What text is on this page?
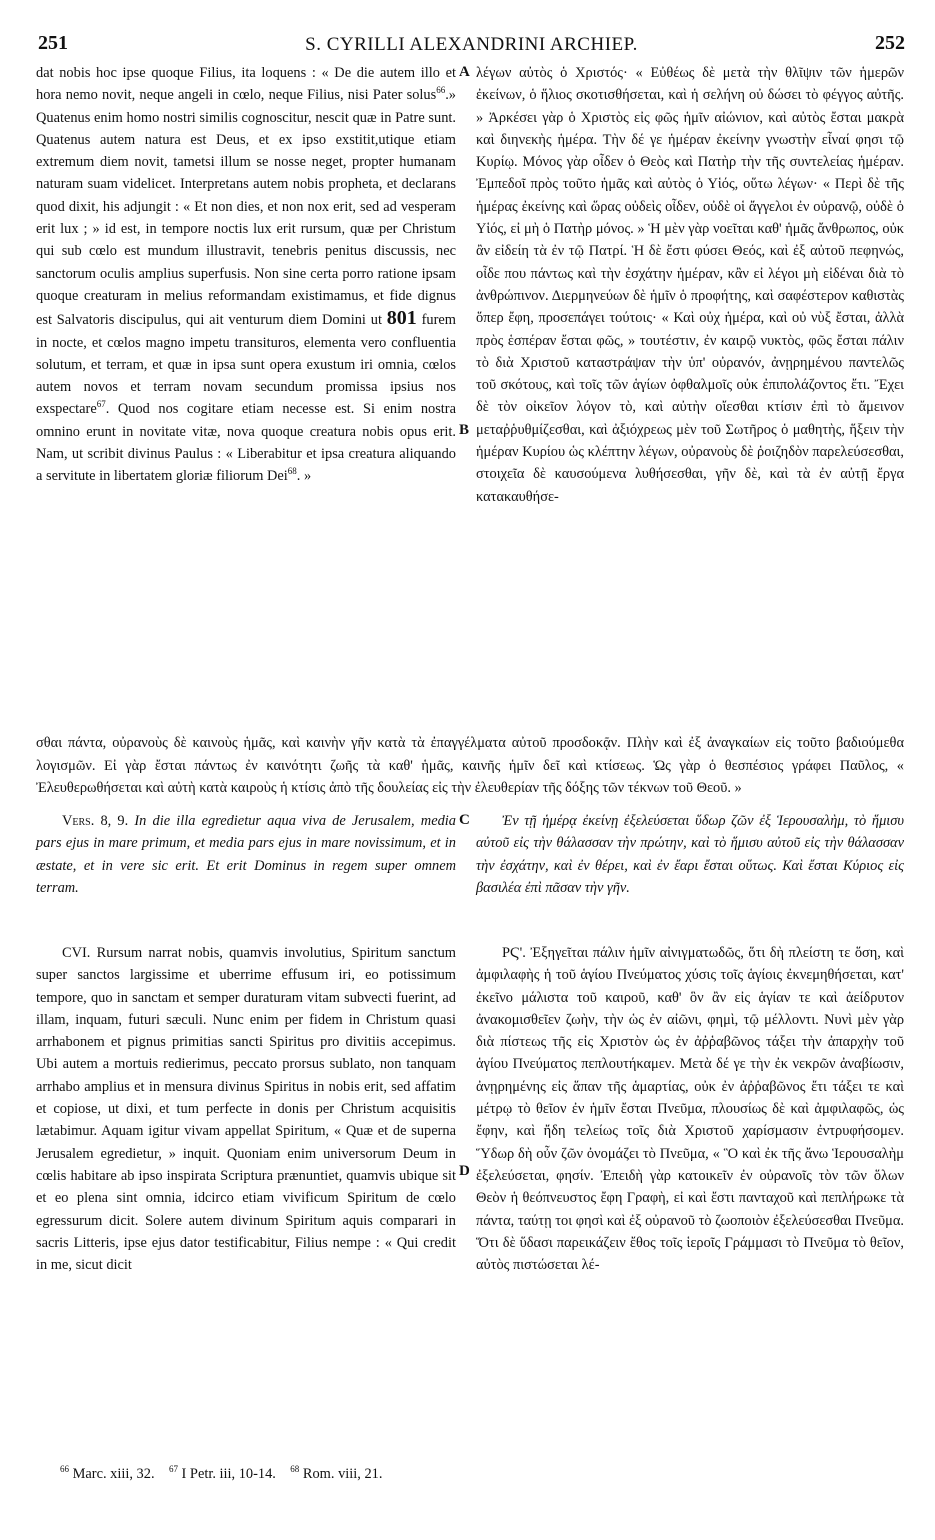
251	S. CYRILLI ALEXANDRINI ARCHIEP.	252

dat nobis hoc ipse quoque Filius, ita loquens : « De die autem illo et hora nemo novit, neque angeli in cœlo, neque Filius, nisi Pater solus$^{66}$.» Quatenus enim homo nostri similis cognoscitur, nescit quæ in Patre sunt. Quatenus autem natura est Deus, et ex ipso exstitit,utique etiam extremum diem novit, tametsi illum se nosse neget, propter humanam naturam suam videlicet. Interpretans autem nobis propheta, et declarans quod dixit, his adjungit : « Et non dies, et non nox erit, sed ad vesperam erit lux ; » id est, in tempore noctis lux erit rursum, quæ per Christum qui sub cœlo est mundum illustravit, tenebris penitus discussis, nec sanctorum oculis amplius superfusis. Non sine certa porro ratione ipsam quoque creaturam in melius reformandam existimamus, et fide dignus est Salvatoris discipulus, qui ait venturum diem Domini ut 801 furem in nocte, et cœlos magno impetu transituros, elementa vero confluentia solutum, et terram, et quæ in ipsa sunt opera exustum iri omnia, cœlos autem novos et terram novam secundum promissa ipsius nos exspectare$^{67}$. Quod nos cogitare etiam necesse est. Si enim nostra omnino erunt in novitate vitæ, nova quoque creatura nobis opus erit. Nam, ut scribit divinus Paulus : « Liberabitur et ipsa creatura aliquando a servitute in libertatem gloriæ filiorum Dei$^{68}$. »

λέγων αὐτὸς ὁ Χριστός· « Εὐθέως δὲ μετὰ τὴν θλῖψιν τῶν ἡμερῶν ἐκείνων, ὁ ἥλιος σκοτισθήσεται, καὶ ἡ σελήνη οὐ δώσει τὸ φέγγος αὐτῆς. » Ἀρκέσει γὰρ ὁ Χριστὸς εἰς φῶς ἡμῖν αἰώνιον, καὶ αὐτὸς ἔσται μακρὰ καὶ διηνεκὴς ἡμέρα. Τὴν δέ γε ἡμέραν ἐκείνην γνωστὴν εἶναί φησι τῷ Κυρίῳ. Μόνος γὰρ οἶδεν ὁ Θεὸς καὶ Πατὴρ τὴν τῆς συντελείας ἡμέραν. Ἐμπεδοῖ πρὸς τοῦτο ἡμᾶς καὶ αὐτὸς ὁ Υἱός, οὕτω λέγων· « Περὶ δὲ τῆς ἡμέρας ἐκείνης καὶ ὥρας οὐδεὶς οἶδεν, οὐδὲ οἱ ἄγγελοι ἐν οὐρανῷ, οὐδὲ ὁ Υἱός, εἰ μὴ ὁ Πατὴρ μόνος. » Ἡ μὲν γὰρ νοεῖται καθ' ἡμᾶς ἄνθρωπος, οὐκ ἂν εἰδείη τὰ ἐν τῷ Πατρί. Ἡ δὲ ἔστι φύσει Θεός, καὶ ἐξ αὐτοῦ πεφηνώς, οἶδε που πάντως καὶ τὴν ἐσχάτην ἡμέραν, κἂν εἰ λέγοι μὴ εἰδέναι διὰ τὸ ἀνθρώπινον. Διερμηνεύων δὲ ἡμῖν ὁ προφήτης, καὶ σαφέστερον καθιστὰς ὅπερ ἔφη, προσεπάγει τούτοις· « Καὶ οὐχ ἡμέρα, καὶ οὐ νὺξ ἔσται, ἀλλὰ πρὸς ἑσπέραν ἔσται φῶς, » τουτέστιν, ἐν καιρῷ νυκτὸς, φῶς ἔσται πάλιν τὸ διὰ Χριστοῦ καταστράψαν τὴν ὑπ' οὐρανόν, ἀνῃρημένου παντελῶς τοῦ σκότους, καὶ τοῖς τῶν ἁγίων ὀφθαλμοῖς οὐκ ἐπιπολάζοντος ἔτι. Ἔχει δὲ τὸν οἰκεῖον λόγον τὸ, καὶ αὐτὴν οἴεσθαι κτίσιν ἐπὶ τὸ ἄμεινον μεταῤῥυθμίζεσθαι, καὶ ἀξιόχρεως μὲν τοῦ Σωτῆρος ὁ μαθητὴς, ἥξειν τὴν ἡμέραν Κυρίου ὡς κλέπτην λέγων, οὐρανοὺς δὲ ῥοιζηδὸν παρελεύσεσθαι, στοιχεῖα δὲ καυσούμενα λυθήσεσθαι, γῆν δὲ, καὶ τὰ ἐν αὐτῇ ἔργα κατακαυθήσε-

A
B

σθαι πάντα, οὐρανοὺς δὲ καινοὺς ἡμᾶς, καὶ καινὴν γῆν κατὰ τὰ ἐπαγγέλματα αὐτοῦ προσδοκᾷν. Πλὴν καὶ ἐξ ἀναγκαίων εἰς τοῦτο βαδιούμεθα λογισμῶν. Εἰ γὰρ ἔσται πάντως ἐν καινότητι ζωῆς τὰ καθ' ἡμᾶς, καινῆς ἡμῖν δεῖ καὶ κτίσεως. Ὡς γὰρ ὁ θεσπέσιος γράφει Παῦλος, « Ἐλευθερωθήσεται καὶ αὐτὴ κατὰ καιροὺς ἡ κτίσις ἀπὸ τῆς δουλείας εἰς τὴν ἐλευθερίαν τῆς δόξης τῶν τέκνων τοῦ Θεοῦ. »

Vers. 8, 9. In die illa egredietur aqua viva de Jerusalem, media pars ejus in mare primum, et media pars ejus in mare novissimum, et in æstate, et in vere sic erit. Et erit Dominus in regem super omnem terram.

C	Ἐν τῇ ἡμέρᾳ ἐκείνῃ ἐξελεύσεται ὕδωρ ζῶν ἐξ Ἱερουσαλὴμ, τὸ ἥμισυ αὐτοῦ εἰς τὴν θάλασσαν τὴν πρώτην, καὶ τὸ ἥμισυ αὐτοῦ εἰς τὴν θάλασσαν τὴν ἐσχάτην, καὶ ἐν θέρει, καὶ ἐν ἔαρι ἔσται οὕτως. Καὶ ἔσται Κύριος εἰς βασιλέα ἐπὶ πᾶσαν τὴν γῆν.

CVI. Rursum narrat nobis, quamvis involutius, Spiritum sanctum super sanctos largissime et uberrime effusum iri, eo potissimum tempore, quo in sanctam et semper duraturam vitam subvecti fuerint, ad illam, inquam, futuri sæculi. Nunc enim per fidem in Christum quasi arrhabonem et pignus primitias sancti Spiritus pro divitiis accepimus. Ubi autem a mortuis redierimus, peccato prorsus sublato, non tanquam arrhabo amplius et in mensura divinus Spiritus in nobis erit, sed affatim et copiose, ut dixi, et tum perfecte in donis per Christum acquisitis lætabimur. Aquam igitur vivam appellat Spiritum, « Quæ et de superna Jerusalem egredietur, » inquit. Quoniam enim universorum Deum in cœlis habitare ab ipso inspirata Scriptura prænuntiet, quamvis ubique sit et eo plena sint omnia, idcirco etiam vivificum Spiritum de cœlo egressurum dicit. Solere autem divinum Spiritum aquis comparari in sacris Litteris, ipse ejus dator testificabitur, Filius nempe : « Qui credit in me, sicut dicit

D

ΡϚ'. Ἐξηγεῖται πάλιν ἡμῖν αἰνιγματωδῶς, ὅτι δὴ πλείστη τε ὅση, καὶ ἀμφιλαφὴς ἡ τοῦ ἁγίου Πνεύματος χύσις τοῖς ἁγίοις ἐκνεμηθήσεται, κατ' ἐκεῖνο μάλιστα τοῦ καιροῦ, καθ' ὃν ἂν εἰς ἁγίαν τε καὶ ἀείδρυτον ἀνακομισθεῖεν ζωὴν, τὴν ὡς ἐν αἰῶνι, φημὶ, τῷ μέλλοντι. Νυνὶ μὲν γὰρ διὰ πίστεως τῆς εἰς Χριστὸν ὡς ἐν ἀῤῥαβῶνος τάξει τὴν ἀπαρχὴν τοῦ ἁγίου Πνεύματος πεπλουτήκαμεν. Μετὰ δέ γε τὴν ἐκ νεκρῶν ἀναβίωσιν, ἀνῃρημένης εἰς ἅπαν τῆς ἁμαρτίας, οὐκ ἐν ἀῤῥαβῶνος ἔτι τάξει τε καὶ μέτρῳ τὸ θεῖον ἐν ἡμῖν ἔσται Πνεῦμα, πλουσίως δὲ καὶ ἀμφιλαφῶς, ὡς ἔφην, καὶ ἤδη τελείως τοῖς διὰ Χριστοῦ χαρίσμασιν ἐντρυφήσομεν. Ὕδωρ δὴ οὖν ζῶν ὀνομάζει τὸ Πνεῦμα, « Ὃ καὶ ἐκ τῆς ἄνω Ἱερουσαλὴμ ἐξελεύσεται, φησίν. Ἐπειδὴ γὰρ κατοικεῖν ἐν οὐρανοῖς τὸν τῶν ὅλων Θεὸν ἡ θεόπνευστος ἔφη Γραφὴ, εἰ καὶ ἔστι πανταχοῦ καὶ πεπλήρωκε τὰ πάντα, ταύτῃ τοι φησὶ καὶ ἐξ οὐρανοῦ τὸ ζωοποιὸν ἐξελεύσεσθαι Πνεῦμα. Ὅτι δὲ ὕδασι παρεικάζειν ἔθος τοῖς ἱεροῖς Γράμμασι τὸ Πνεῦμα τὸ θεῖον, αὐτὸς πιστώσεται λέ-

$^{66}$ Marc. xiii, 32. $^{67}$ I Petr. iii, 10-14. $^{68}$ Rom. viii, 21.
